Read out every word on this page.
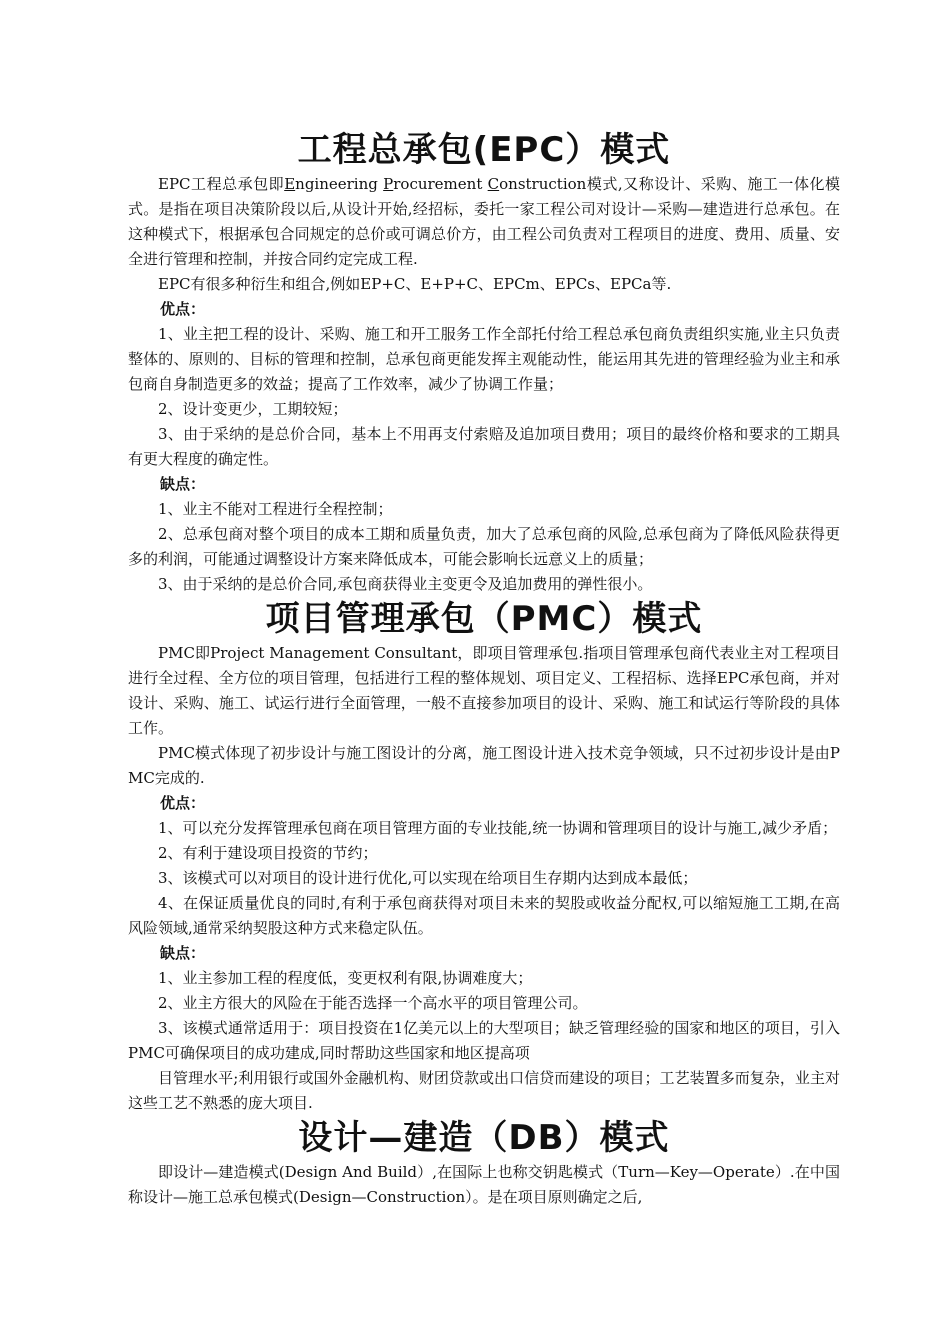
工程总承包(EPC）模式

EPC工程总承包即Engineering Procurement Construction模式,又称设计、采购、施工一体化模式。是指在项目决策阶段以后,从设计开始,经招标，委托一家工程公司对设计—采购—建造进行总承包。在这种模式下，根据承包合同规定的总价或可调总价方，由工程公司负责对工程项目的进度、费用、质量、安全进行管理和控制，并按合同约定完成工程.

EPC有很多种衍生和组合,例如EP+C、E+P+C、EPCm、EPCs、EPCa等.

优点：

1、业主把工程的设计、采购、施工和开工服务工作全部托付给工程总承包商负责组织实施,业主只负责整体的、原则的、目标的管理和控制，总承包商更能发挥主观能动性，能运用其先进的管理经验为业主和承包商自身制造更多的效益；提高了工作效率，减少了协调工作量；

2、设计变更少，工期较短；

3、由于采纳的是总价合同，基本上不用再支付索赔及追加项目费用；项目的最终价格和要求的工期具有更大程度的确定性。

缺点：

1、业主不能对工程进行全程控制；

2、总承包商对整个项目的成本工期和质量负责，加大了总承包商的风险,总承包商为了降低风险获得更多的利润，可能通过调整设计方案来降低成本，可能会影响长远意义上的质量；

3、由于采纳的是总价合同,承包商获得业主变更令及追加费用的弹性很小。

项目管理承包（PMC）模式

PMC即Project Management Consultant，即项目管理承包.指项目管理承包商代表业主对工程项目进行全过程、全方位的项目管理，包括进行工程的整体规划、项目定义、工程招标、选择EPC承包商，并对设计、采购、施工、试运行进行全面管理，一般不直接参加项目的设计、采购、施工和试运行等阶段的具体工作。

PMC模式体现了初步设计与施工图设计的分离，施工图设计进入技术竞争领域，只不过初步设计是由PMC完成的.

优点：

1、可以充分发挥管理承包商在项目管理方面的专业技能,统一协调和管理项目的设计与施工,减少矛盾；

2、有利于建设项目投资的节约；

3、该模式可以对项目的设计进行优化,可以实现在给项目生存期内达到成本最低；

4、在保证质量优良的同时,有利于承包商获得对项目未来的契股或收益分配权,可以缩短施工工期,在高风险领域,通常采纳契股这种方式来稳定队伍。

缺点：

1、业主参加工程的程度低，变更权利有限,协调难度大；

2、业主方很大的风险在于能否选择一个高水平的项目管理公司。

3、该模式通常适用于：项目投资在1亿美元以上的大型项目；缺乏管理经验的国家和地区的项目，引入PMC可确保项目的成功建成,同时帮助这些国家和地区提高项

目管理水平;利用银行或国外金融机构、财团贷款或出口信贷而建设的项目；工艺装置多而复杂，业主对这些工艺不熟悉的庞大项目.

设计—建造（DB）模式

即设计—建造模式(Design And Build）,在国际上也称交钥匙模式（Turn—Key—Operate）.在中国称设计—施工总承包模式(Design—Construction）。是在项目原则确定之后,
